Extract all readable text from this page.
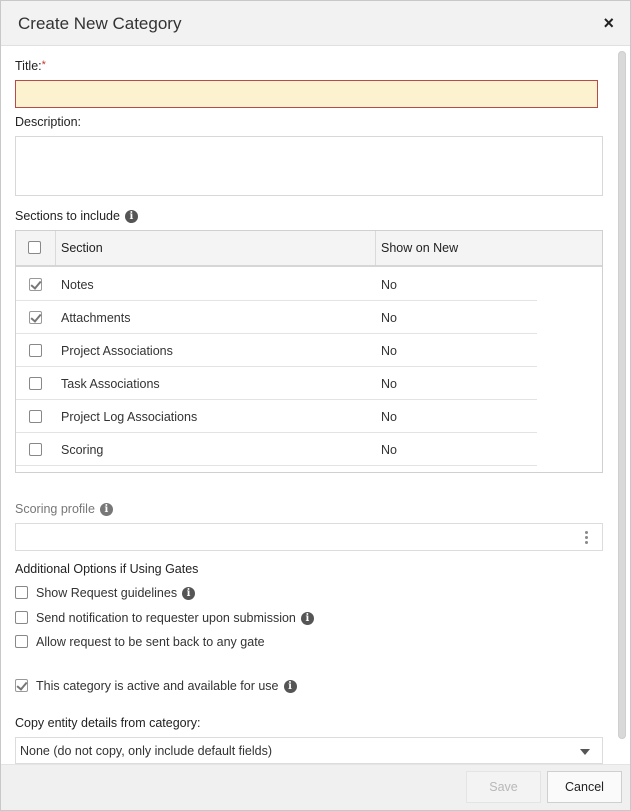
Create New Category	×
Title:*
Description:
Sections to include i
Section	Show on New
Notes	No
Attachments	No
Project Associations	No
Task Associations	No
Project Log Associations	No
Scoring	No
Scoring profile i
Additional Options if Using Gates
Show Request guidelines i
Send notification to requester upon submission i
Allow request to be sent back to any gate
This category is active and available for use i
Copy entity details from category:
None (do not copy, only include default fields)
Save	Cancel
